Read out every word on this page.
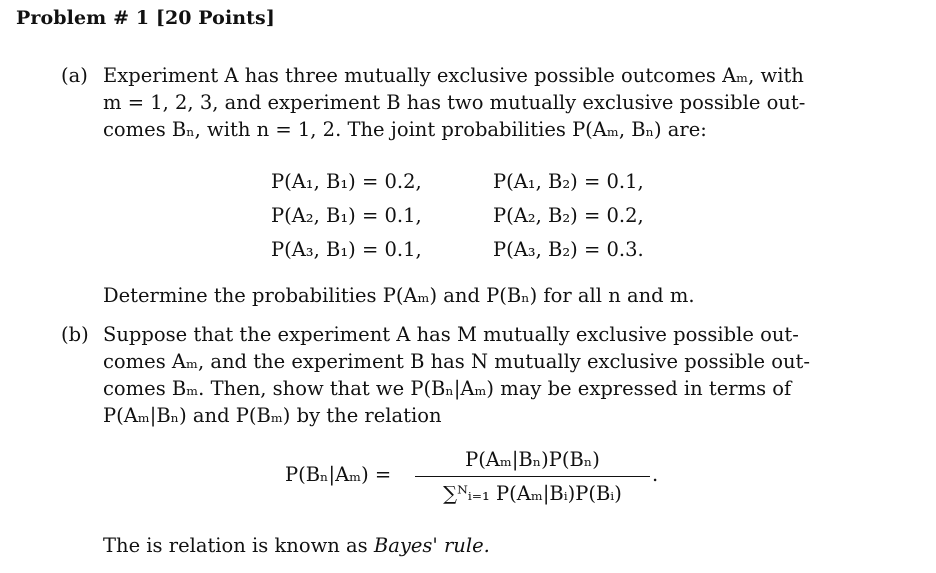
Problem # 1 [20 Points]
(a) Experiment A has three mutually exclusive possible outcomes Aₘ, with
m = 1, 2, 3, and experiment B has two mutually exclusive possible out-
comes Bₙ, with n = 1, 2. The joint probabilities P(Aₘ, Bₙ) are:
P(A₁, B₁) = 0.2,	P(A₁, B₂) = 0.1,
P(A₂, B₁) = 0.1,	P(A₂, B₂) = 0.2,
P(A₃, B₁) = 0.1,	P(A₃, B₂) = 0.3.
Determine the probabilities P(Aₘ) and P(Bₙ) for all n and m.
(b) Suppose that the experiment A has M mutually exclusive possible out-
comes Aₘ, and the experiment B has N mutually exclusive possible out-
comes Bₘ. Then, show that we P(Bₙ|Aₘ) may be expressed in terms of
P(Aₘ|Bₙ) and P(Bₘ) by the relation
P(Bₙ|Aₘ) =
P(Aₘ|Bₙ)P(Bₙ)
∑ᴺᵢ₌₁ P(Aₘ|Bᵢ)P(Bᵢ)
.
The is relation is known as Bayes' rule.
